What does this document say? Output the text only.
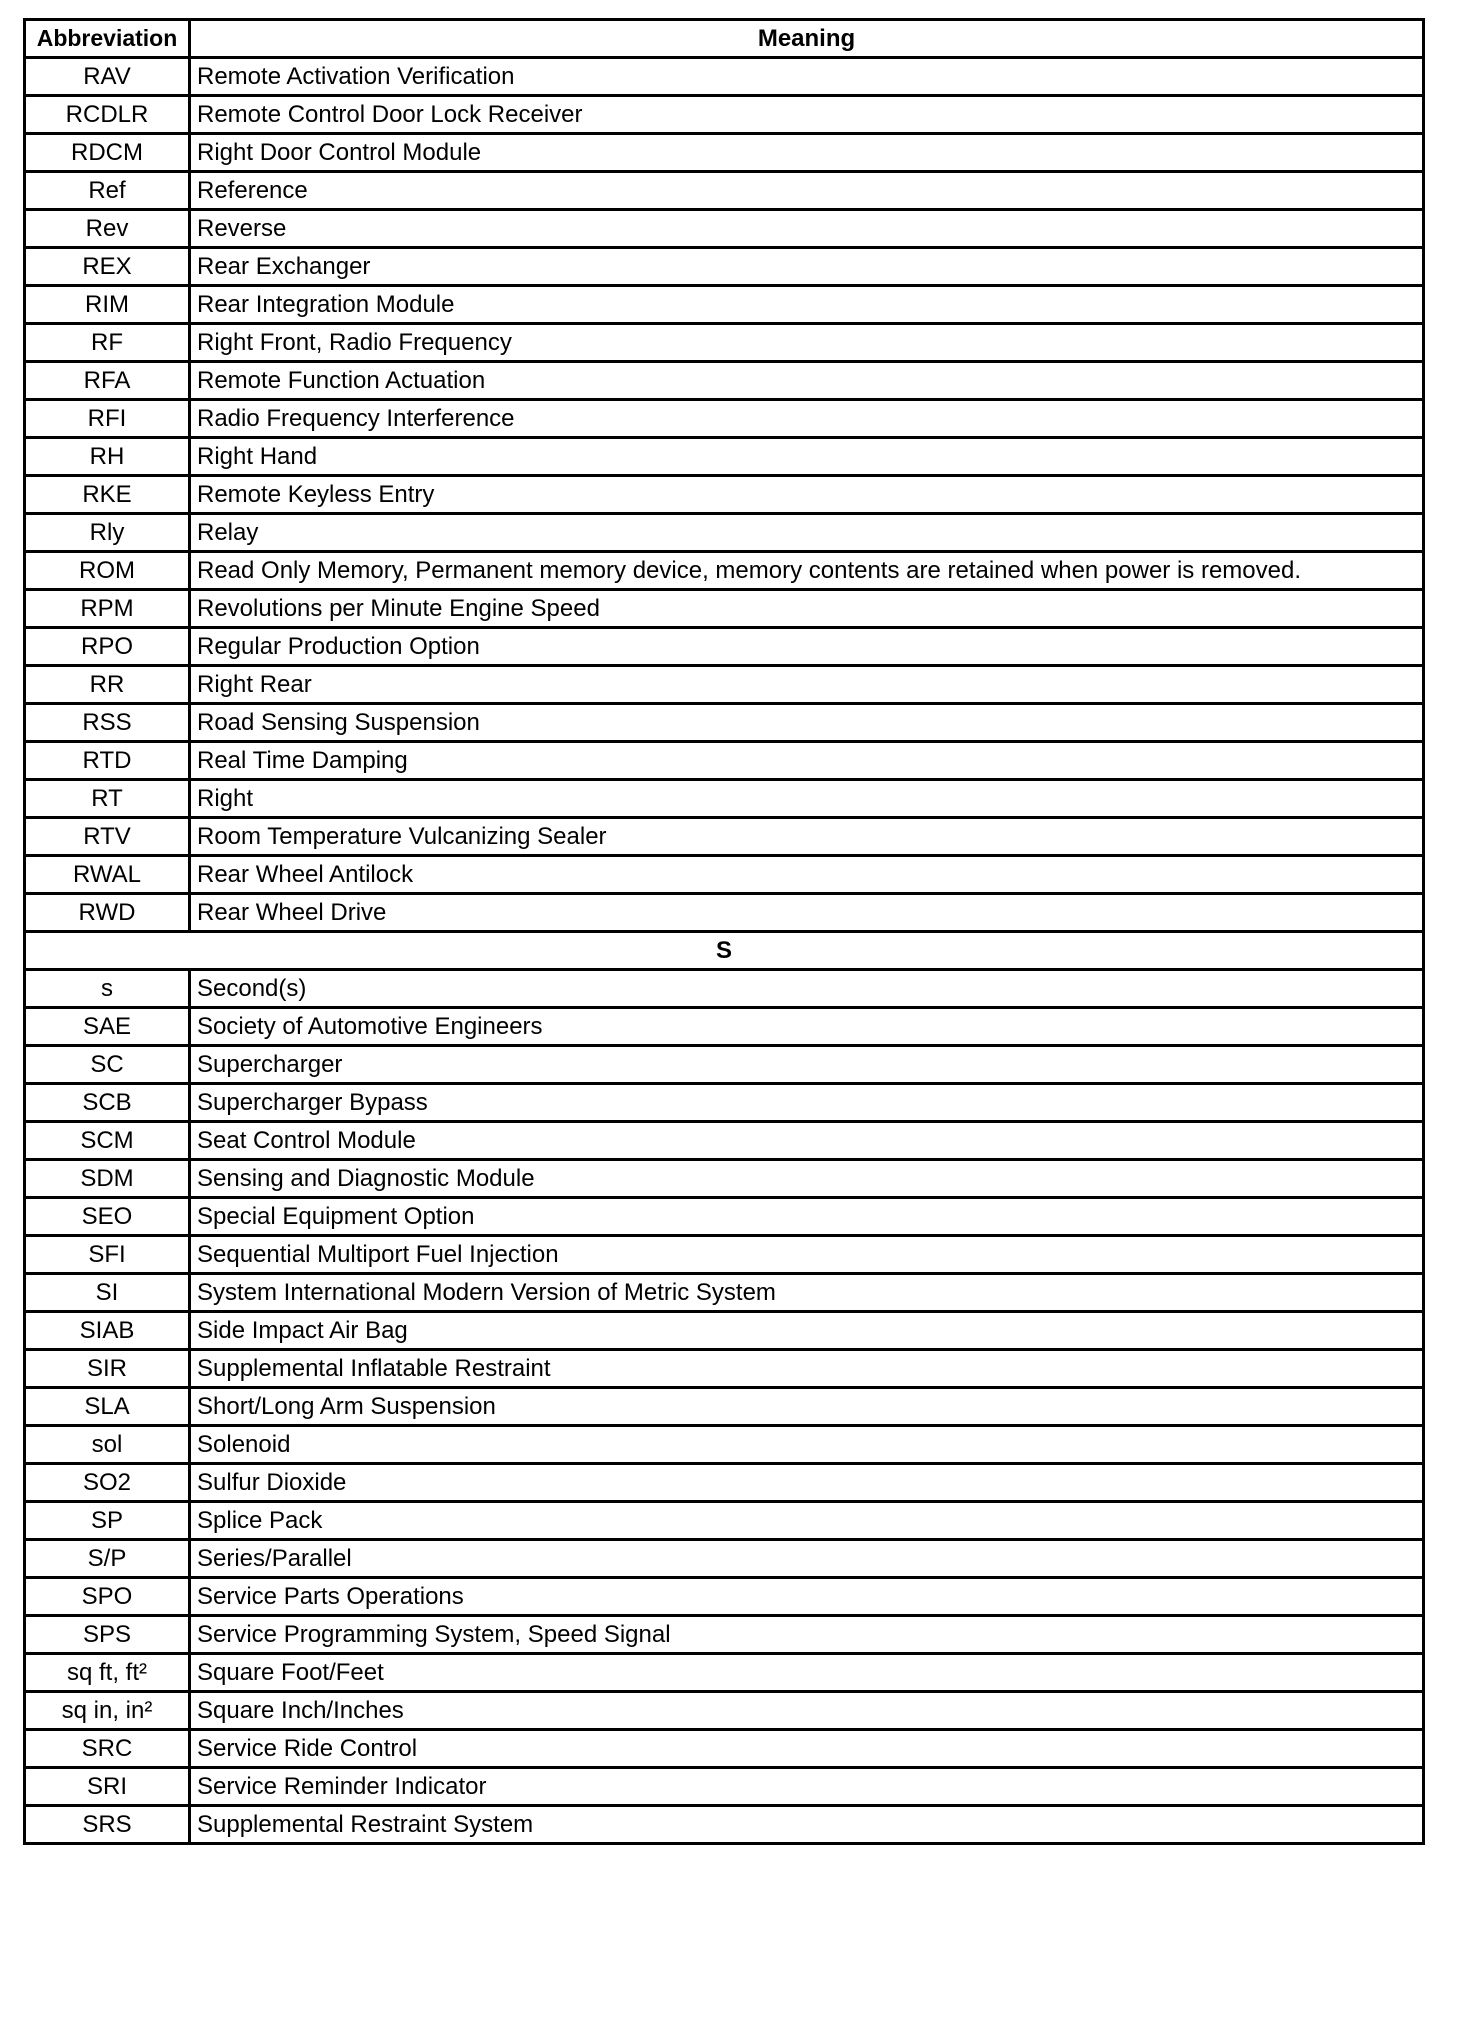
Abbreviation	Meaning
RAV	Remote Activation Verification
RCDLR	Remote Control Door Lock Receiver
RDCM	Right Door Control Module
Ref	Reference
Rev	Reverse
REX	Rear Exchanger
RIM	Rear Integration Module
RF	Right Front, Radio Frequency
RFA	Remote Function Actuation
RFI	Radio Frequency Interference
RH	Right Hand
RKE	Remote Keyless Entry
Rly	Relay
ROM	Read Only Memory, Permanent memory device, memory contents are retained when power is removed.
RPM	Revolutions per Minute Engine Speed
RPO	Regular Production Option
RR	Right Rear
RSS	Road Sensing Suspension
RTD	Real Time Damping
RT	Right
RTV	Room Temperature Vulcanizing Sealer
RWAL	Rear Wheel Antilock
RWD	Rear Wheel Drive
S	
s	Second(s)
SAE	Society of Automotive Engineers
SC	Supercharger
SCB	Supercharger Bypass
SCM	Seat Control Module
SDM	Sensing and Diagnostic Module
SEO	Special Equipment Option
SFI	Sequential Multiport Fuel Injection
SI	System International Modern Version of Metric System
SIAB	Side Impact Air Bag
SIR	Supplemental Inflatable Restraint
SLA	Short/Long Arm Suspension
sol	Solenoid
SO2	Sulfur Dioxide
SP	Splice Pack
S/P	Series/Parallel
SPO	Service Parts Operations
SPS	Service Programming System, Speed Signal
sq ft, ft²	Square Foot/Feet
sq in, in²	Square Inch/Inches
SRC	Service Ride Control
SRI	Service Reminder Indicator
SRS	Supplemental Restraint System
